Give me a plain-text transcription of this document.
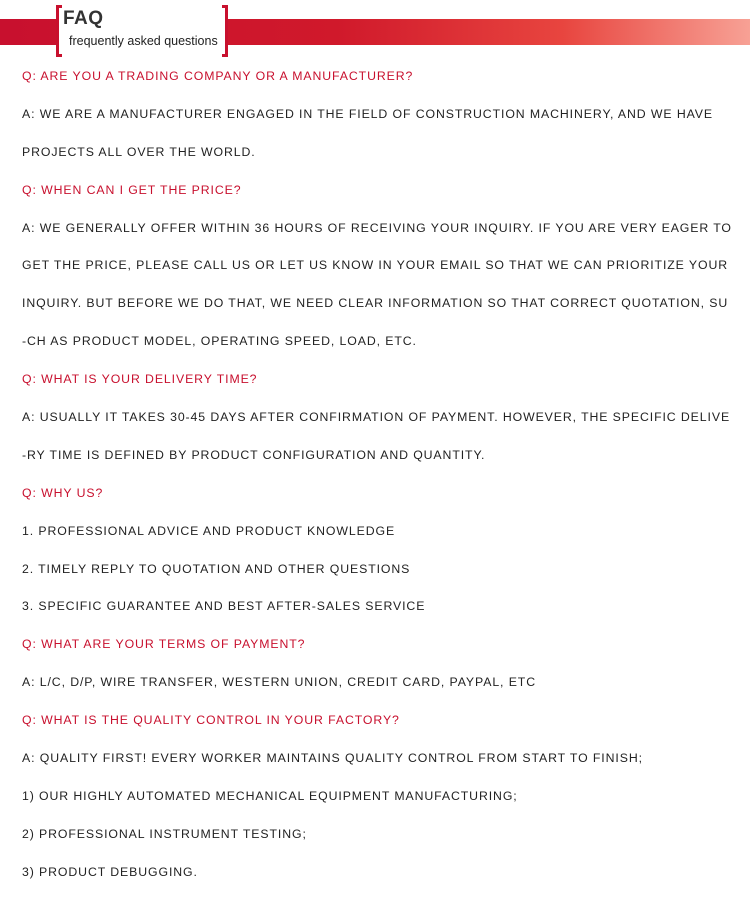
FAQ
frequently asked questions
Q: ARE YOU A TRADING COMPANY OR A MANUFACTURER?
A: WE ARE A MANUFACTURER ENGAGED IN THE FIELD OF CONSTRUCTION MACHINERY, AND WE HAVE
PROJECTS ALL OVER THE WORLD.
Q: WHEN CAN I GET THE PRICE?
A: WE GENERALLY OFFER WITHIN 36 HOURS OF RECEIVING YOUR INQUIRY. IF YOU ARE VERY EAGER TO
GET THE PRICE, PLEASE CALL US OR LET US KNOW IN YOUR EMAIL SO THAT WE CAN PRIORITIZE YOUR
INQUIRY. BUT BEFORE WE DO THAT, WE NEED CLEAR INFORMATION SO THAT CORRECT QUOTATION, SU
-CH AS PRODUCT MODEL, OPERATING SPEED, LOAD, ETC.
Q: WHAT IS YOUR DELIVERY TIME?
A: USUALLY IT TAKES 30-45 DAYS AFTER CONFIRMATION OF PAYMENT. HOWEVER, THE SPECIFIC DELIVE
-RY TIME IS DEFINED BY PRODUCT CONFIGURATION AND QUANTITY.
Q: WHY US?
1. PROFESSIONAL ADVICE AND PRODUCT KNOWLEDGE
2. TIMELY REPLY TO QUOTATION AND OTHER QUESTIONS
3. SPECIFIC GUARANTEE AND BEST AFTER-SALES SERVICE
Q: WHAT ARE YOUR TERMS OF PAYMENT?
A: L/C, D/P, WIRE TRANSFER, WESTERN UNION, CREDIT CARD, PAYPAL, ETC
Q: WHAT IS THE QUALITY CONTROL IN YOUR FACTORY?
A: QUALITY FIRST! EVERY WORKER MAINTAINS QUALITY CONTROL FROM START TO FINISH;
1) OUR HIGHLY AUTOMATED MECHANICAL EQUIPMENT MANUFACTURING;
2) PROFESSIONAL INSTRUMENT TESTING;
3) PRODUCT DEBUGGING.
